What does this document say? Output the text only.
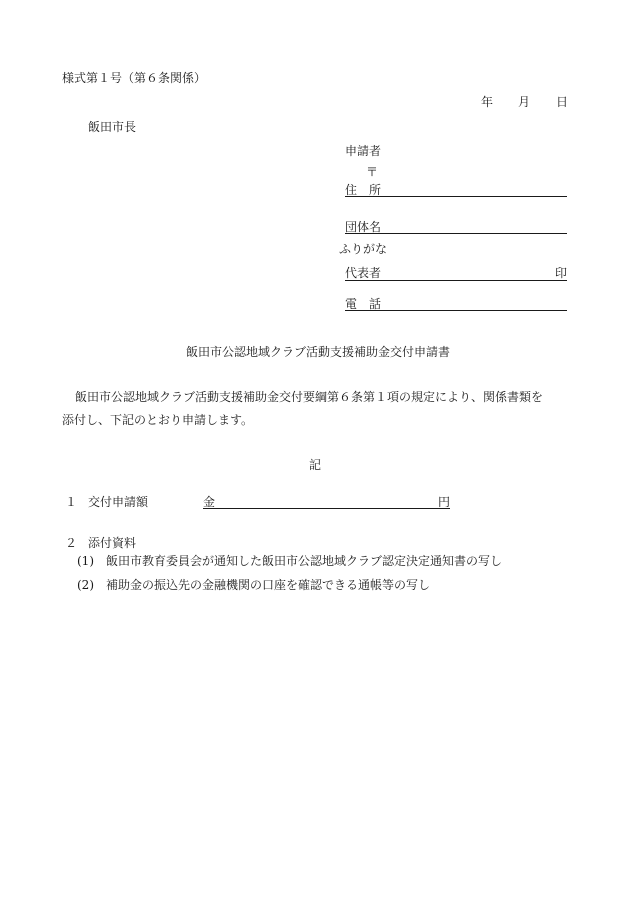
様式第１号（第６条関係）
年 月 日
飯田市長
申請者
〒
住　所
団体名
ふりがな
代表者	印
電　話
飯田市公認地域クラブ活動支援補助金交付申請書
飯田市公認地域クラブ活動支援補助金交付要綱第６条第１項の規定により、関係書類を
添付し、下記のとおり申請します。
記
１ 交付申請額	金	円
２ 添付資料
(1)　飯田市教育委員会が通知した飯田市公認地域クラブ認定決定通知書の写し
(2)　補助金の振込先の金融機関の口座を確認できる通帳等の写し
